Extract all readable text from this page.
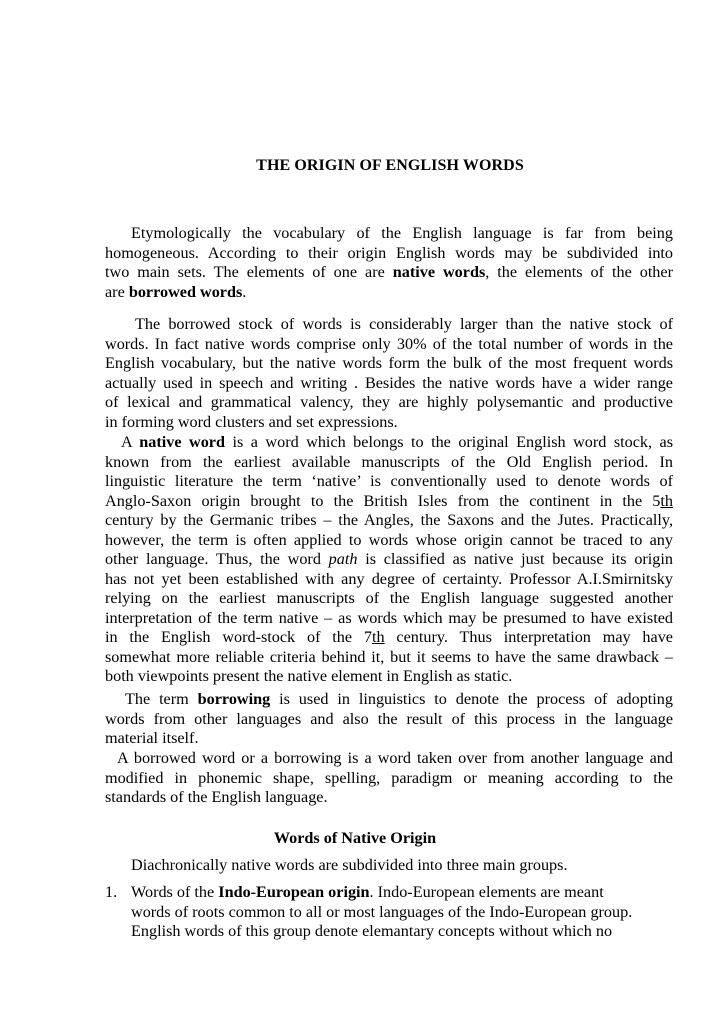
THE ORIGIN OF ENGLISH WORDS
Etymologically the vocabulary of the English language is far from being
homogeneous. According to their origin English words may be subdivided into
two main sets. The elements of one are native words, the elements of the other
are borrowed words.
The borrowed stock of words is considerably larger than the native stock of
words. In fact native words comprise only 30% of the total number of words in the
English vocabulary, but the native words form the bulk of the most frequent words
actually used in speech and writing . Besides the native words have a wider range
of lexical and grammatical valency, they are highly polysemantic and productive
in forming word clusters and set expressions.
A native word is a word which belongs to the original English word stock, as
known from the earliest available manuscripts of the Old English period. In
linguistic literature the term ‘native’ is conventionally used to denote words of
Anglo-Saxon origin brought to the British Isles from the continent in the 5th
century by the Germanic tribes – the Angles, the Saxons and the Jutes. Practically,
however, the term is often applied to words whose origin cannot be traced to any
other language. Thus, the word path is classified as native just because its origin
has not yet been established with any degree of certainty. Professor A.I.Smirnitsky
relying on the earliest manuscripts of the English language suggested another
interpretation of the term native – as words which may be presumed to have existed
in the English word-stock of the 7th century. Thus interpretation may have
somewhat more reliable criteria behind it, but it seems to have the same drawback –
both viewpoints present the native element in English as static.
The term borrowing is used in linguistics to denote the process of adopting
words from other languages and also the result of this process in the language
material itself.
A borrowed word or a borrowing is a word taken over from another language and
modified in phonemic shape, spelling, paradigm or meaning according to the
standards of the English language.
Words of Native Origin
Diachronically native words are subdivided into three main groups.
1. Words of the Indo-European origin. Indo-European elements are meant
words of roots common to all or most languages of the Indo-European group.
English words of this group denote elemantary concepts without which no
